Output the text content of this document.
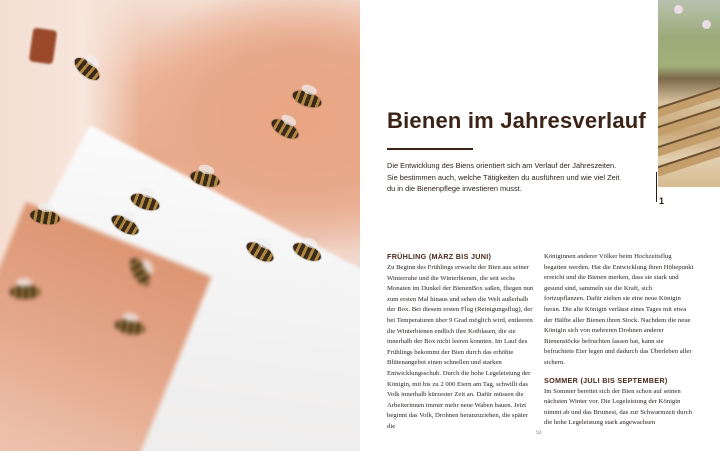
1
Bienen im Jahresverlauf

Die Entwicklung des Biens orientiert sich am Verlauf der Jahreszeiten. Sie bestimmen auch, welche Tätigkeiten du ausführen und wie viel Zeit du in die Bienenpflege investieren musst.

FRÜHLING (MÄRZ BIS JUNI)

Zu Beginn des Frühlings erwacht der Bien aus seiner Winterruhe und die Winterbienen, die seit sechs Monaten im Dunkel der BienenBox saßen, fliegen nun zum ersten Mal hinaus und sehen die Welt außerhalb der Box. Bei diesem ersten Flug (Reinigungsflug), der bei Temperaturen über 9 Grad möglich wird, entleeren die Winterbienen endlich ihre Kotblasen, die sie innerhalb der Box nicht leeren konnten. Im Lauf des Frühlings bekommt der Bien durch das erhöhte Blütenangebot einen schnellen und starken Entwicklungsschub. Durch die hohe Legeleistung der Königin, mit bis zu 2 000 Eiern am Tag, schwillt das Volk innerhalb kürzester Zeit an. Dafür müssen die Arbeiterinnen immer mehr neue Waben bauen. Jetzt beginnt das Volk, Drohnen heranzuziehen, die später die

Königinnen anderer Völker beim Hochzeitsflug begatten werden. Hat die Entwicklung ihren Höhepunkt erreicht und die Bienen merken, dass sie stark und gesund sind, sammeln sie die Kraft, sich fortzupflanzen. Dafür ziehen sie eine neue Königin heran. Die alte Königin verlässt eines Tages mit etwa der Hälfte aller Bienen ihren Stock. Nachdem die neue Königin sich von mehreren Drohnen anderer Bienenstöcke befruchten lassen hat, kann sie befruchtete Eier legen und dadurch das Überleben aller sichern.

SOMMER (JULI BIS SEPTEMBER)

Im Sommer bereitet sich der Bien schon auf seinen nächsten Winter vor. Die Legeleistung der Königin nimmt ab und das Brutnest, das zur Schwarmzeit durch die hohe Legeleistung stark angewachsen

92
